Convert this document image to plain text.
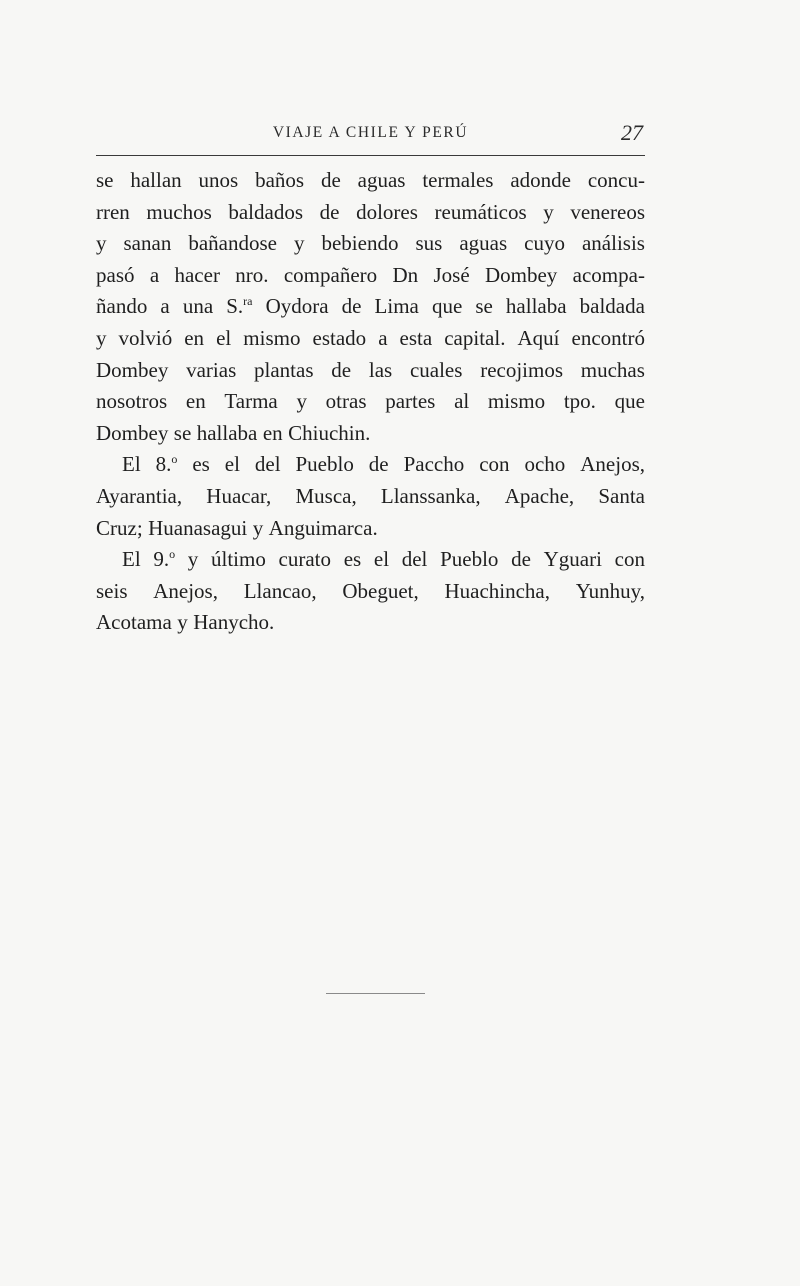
VIAJE A CHILE Y PERÚ	27
se hallan unos baños de aguas termales adonde concu-
rren muchos baldados de dolores reumáticos y venereos
y sanan bañandose y bebiendo sus aguas cuyo análisis
pasó a hacer nro. compañero Dn José Dombey acompa-
ñando a una S.$^{ra}$ Oydora de Lima que se hallaba baldada
y volvió en el mismo estado a esta capital. Aquí encontró
Dombey varias plantas de las cuales recojimos muchas
nosotros en Tarma y otras partes al mismo tpo. que
Dombey se hallaba en Chiuchin.
El 8.$^o$ es el del Pueblo de Paccho con ocho Anejos,
Ayarantia, Huacar, Musca, Llanssanka, Apache, Santa
Cruz; Huanasagui y Anguimarca.
El 9.$^o$ y último curato es el del Pueblo de Yguari con
seis Anejos, Llancao, Obeguet, Huachincha, Yunhuy,
Acotama y Hanycho.
